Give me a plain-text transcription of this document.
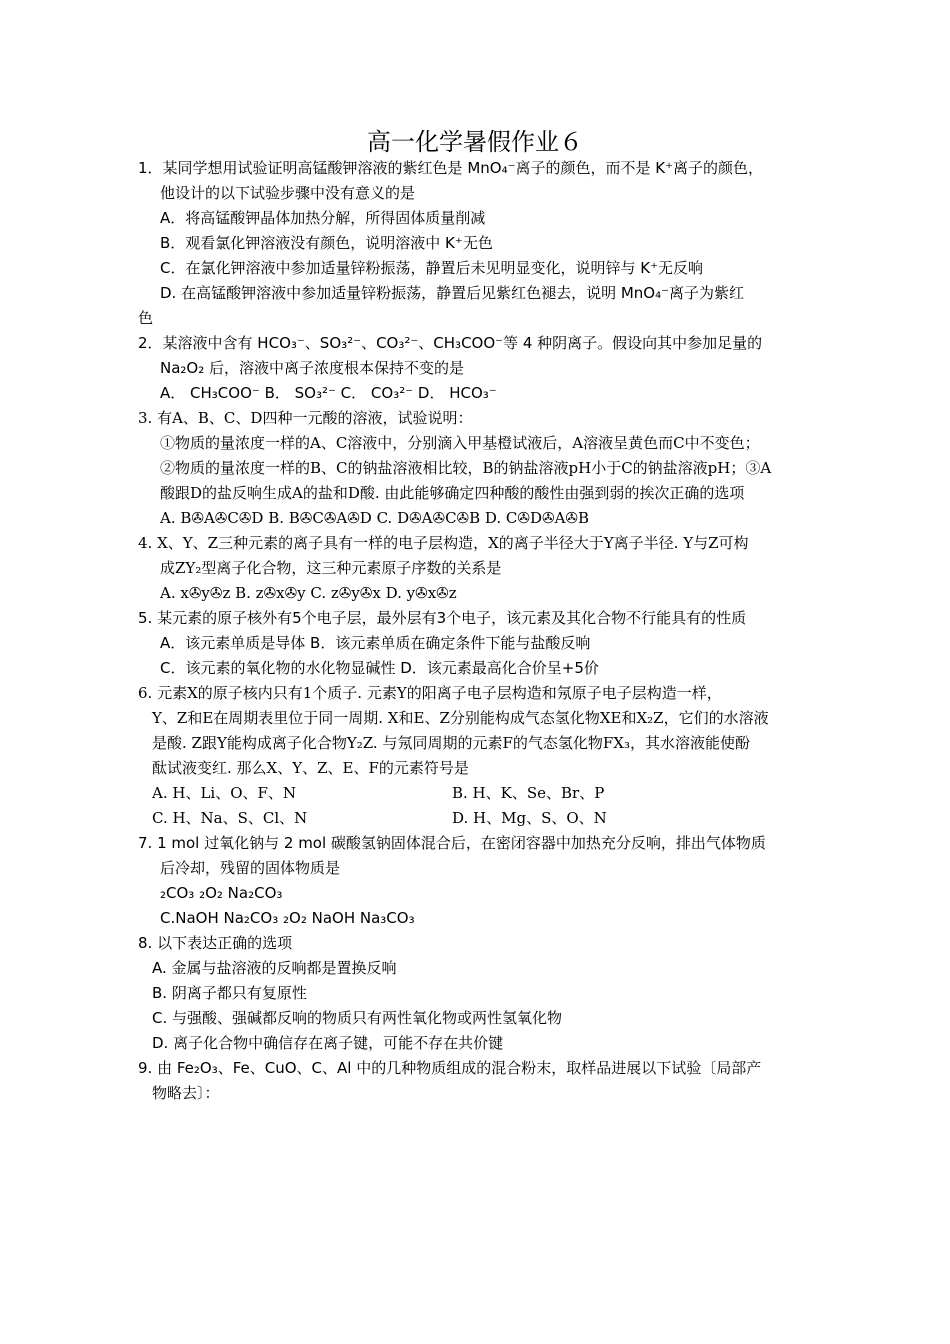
高一化学暑假作业６
1．某同学想用试验证明高锰酸钾溶液的紫红色是 MnO₄⁻离子的颜色，而不是 K⁺离子的颜色，
他设计的以下试验步骤中没有意义的是
A．将高锰酸钾晶体加热分解，所得固体质量削减
B．观看氯化钾溶液没有颜色，说明溶液中 K⁺无色
C．在氯化钾溶液中参加适量锌粉振荡，静置后未见明显变化，说明锌与 K⁺无反响
D. 在高锰酸钾溶液中参加适量锌粉振荡，静置后见紫红色褪去，说明 MnO₄⁻离子为紫红
色
2．某溶液中含有 HCO₃⁻、SO₃²⁻、CO₃²⁻、CH₃COO⁻等 4 种阴离子。假设向其中参加足量的
Na₂O₂ 后，溶液中离子浓度根本保持不变的是
A． CH₃COO⁻ B． SO₃²⁻ C． CO₃²⁻ D． HCO₃⁻
3. 有A、B、C、D四种一元酸的溶液，试验说明：
①物质的量浓度一样的A、C溶液中，分别滴入甲基橙试液后，A溶液呈黄色而C中不变色；
②物质的量浓度一样的B、C的钠盐溶液相比较，B的钠盐溶液pH小于C的钠盐溶液pH；③A
酸跟D的盐反响生成A的盐和D酸. 由此能够确定四种酸的酸性由强到弱的挨次正确的选项
A. B✇A✇C✇D B. B✇C✇A✇D C. D✇A✇C✇B D. C✇D✇A✇B
4. X、Y、Z三种元素的离子具有一样的电子层构造，X的离子半径大于Y离子半径. Y与Z可构
成ZY₂型离子化合物，这三种元素原子序数的关系是
A. x✇y✇z B. z✇x✇y C. z✇y✇x D. y✇x✇z
5. 某元素的原子核外有5个电子层，最外层有3个电子，该元素及其化合物不行能具有的性质
A．该元素单质是导体 B．该元素单质在确定条件下能与盐酸反响
C．该元素的氧化物的水化物显碱性 D．该元素最高化合价呈+5价
6. 元素X的原子核内只有1个质子. 元素Y的阳离子电子层构造和氖原子电子层构造一样，
Y、Z和E在周期表里位于同一周期. X和E、Z分别能构成气态氢化物XE和X₂Z，它们的水溶液
是酸. Z跟Y能构成离子化合物Y₂Z. 与氖同周期的元素F的气态氢化物FX₃，其水溶液能使酚
酞试液变红. 那么X、Y、Z、E、F的元素符号是
A. H、Li、O、F、N	B. H、K、Se、Br、P
C. H、Na、S、Cl、N	D. H、Mg、S、O、N
7. 1 mol 过氧化钠与 2 mol 碳酸氢钠固体混合后，在密闭容器中加热充分反响，排出气体物质
后冷却，残留的固体物质是
₂CO₃ ₂O₂ Na₂CO₃
C.NaOH Na₂CO₃ ₂O₂ NaOH Na₃CO₃
8. 以下表达正确的选项
A. 金属与盐溶液的反响都是置换反响
B. 阴离子都只有复原性
C. 与强酸、强碱都反响的物质只有两性氧化物或两性氢氧化物
D. 离子化合物中确信存在离子键，可能不存在共价键
9. 由 Fe₂O₃、Fe、CuO、C、Al 中的几种物质组成的混合粉末，取样品进展以下试验〔局部产
物略去〕：
